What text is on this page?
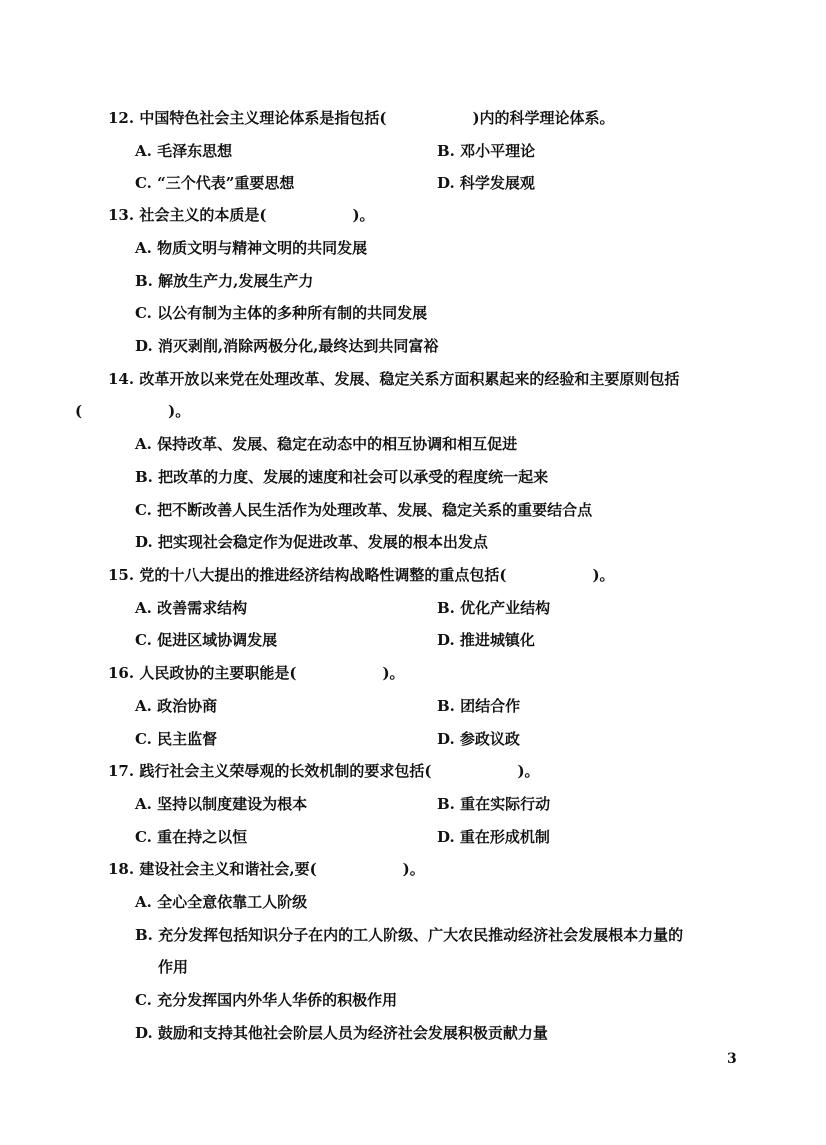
12. 中国特色社会主义理论体系是指包括(	)内的科学理论体系。
A. 毛泽东思想	B. 邓小平理论
C. “三个代表”重要思想	D. 科学发展观
13. 社会主义的本质是(	)。
A. 物质文明与精神文明的共同发展
B. 解放生产力,发展生产力
C. 以公有制为主体的多种所有制的共同发展
D. 消灭剥削,消除两极分化,最终达到共同富裕
14. 改革开放以来党在处理改革、发展、稳定关系方面积累起来的经验和主要原则包括
(	)。
A. 保持改革、发展、稳定在动态中的相互协调和相互促进
B. 把改革的力度、发展的速度和社会可以承受的程度统一起来
C. 把不断改善人民生活作为处理改革、发展、稳定关系的重要结合点
D. 把实现社会稳定作为促进改革、发展的根本出发点
15. 党的十八大提出的推进经济结构战略性调整的重点包括(	)。
A. 改善需求结构	B. 优化产业结构
C. 促进区域协调发展	D. 推进城镇化
16. 人民政协的主要职能是(	)。
A. 政治协商	B. 团结合作
C. 民主监督	D. 参政议政
17. 践行社会主义荣辱观的长效机制的要求包括(	)。
A. 坚持以制度建设为根本	B. 重在实际行动
C. 重在持之以恒	D. 重在形成机制
18. 建设社会主义和谐社会,要(	)。
A. 全心全意依靠工人阶级
B. 充分发挥包括知识分子在内的工人阶级、广大农民推动经济社会发展根本力量的
作用
C. 充分发挥国内外华人华侨的积极作用
D. 鼓励和支持其他社会阶层人员为经济社会发展积极贡献力量
3
